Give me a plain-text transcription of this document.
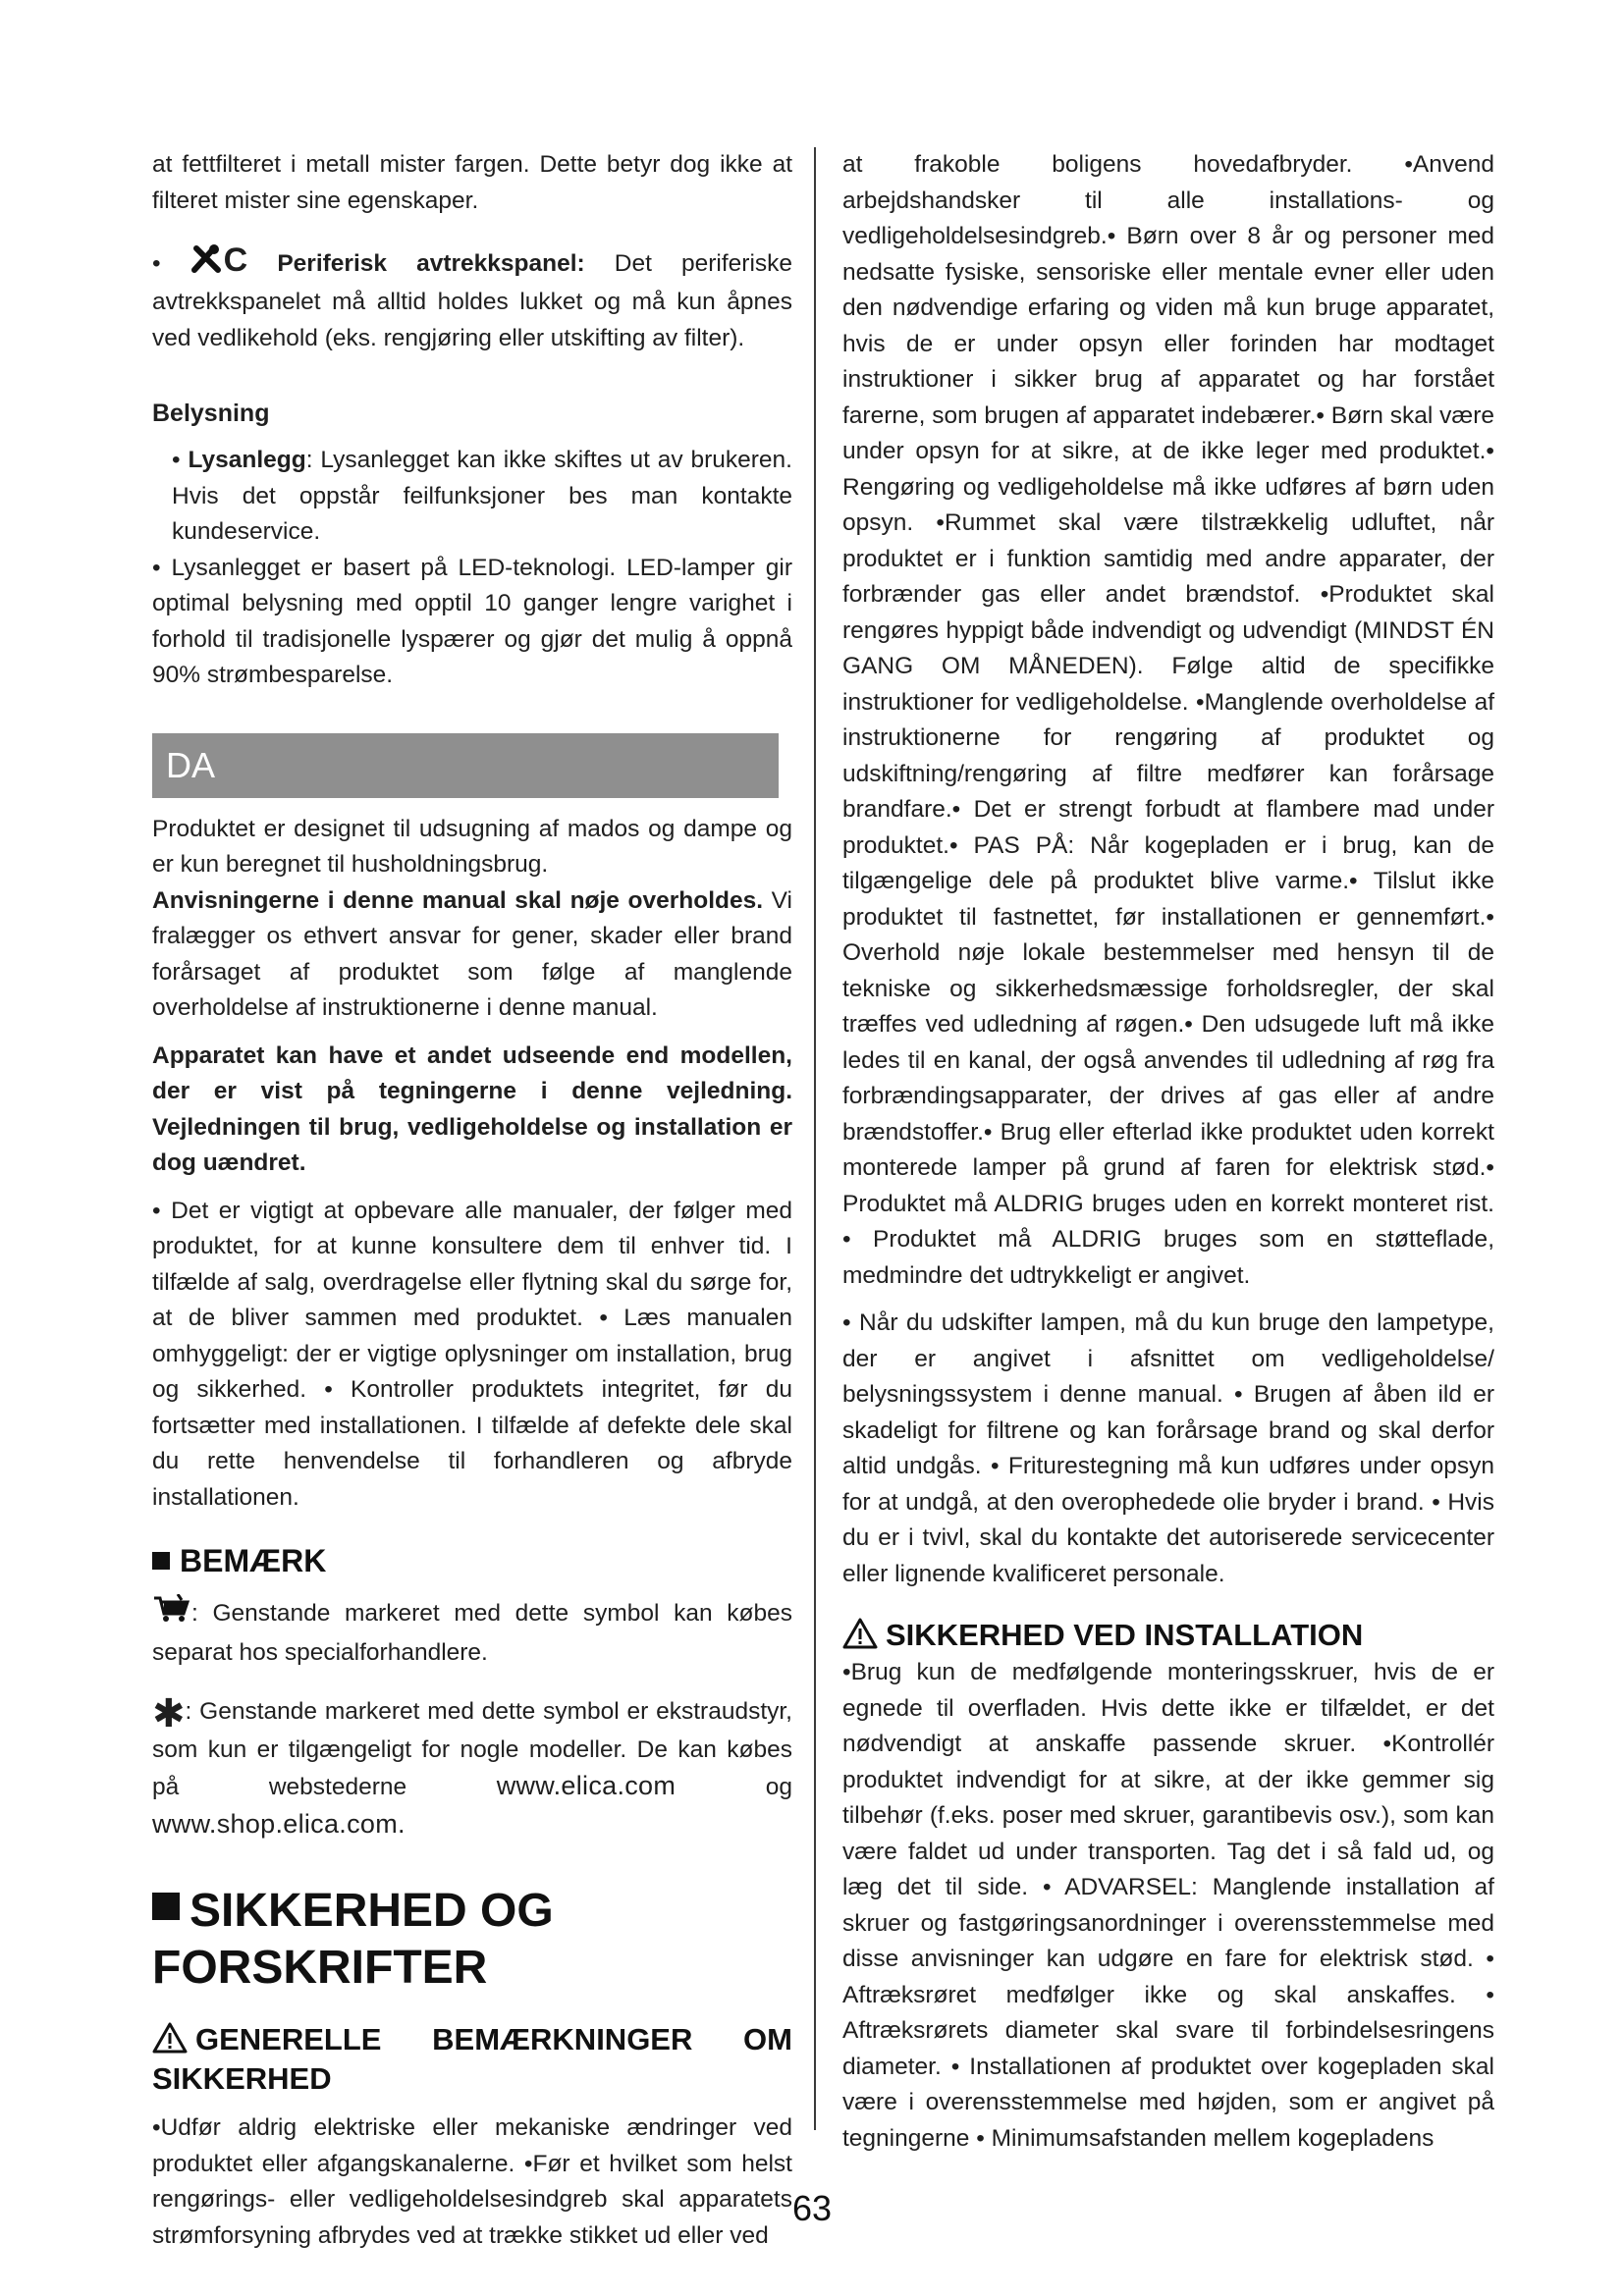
at fettfilteret i metall mister fargen. Dette betyr dog ikke at filteret mister sine egenskaper.

• C Periferisk avtrekkspanel: Det periferiske avtrekkspanelet må alltid holdes lukket og må kun åpnes ved vedlikehold (eks. rengjøring eller utskifting av filter).

Belysning

• Lysanlegg: Lysanlegget kan ikke skiftes ut av brukeren. Hvis det oppstår feilfunksjoner bes man kontakte kundeservice.

• Lysanlegget er basert på LED-teknologi. LED-lamper gir optimal belysning med opptil 10 ganger lengre varighet i forhold til tradisjonelle lyspærer og gjør det mulig å oppnå 90% strømbesparelse.

DA

Produktet er designet til udsugning af mados og dampe og er kun beregnet til husholdningsbrug.

Anvisningerne i denne manual skal nøje overholdes. Vi fralægger os ethvert ansvar for gener, skader eller brand forårsaget af produktet som følge af manglende overholdelse af instruktionerne i denne manual.

Apparatet kan have et andet udseende end modellen, der er vist på tegningerne i denne vejledning. Vejledningen til brug, vedligeholdelse og installation er dog uændret.

• Det er vigtigt at opbevare alle manualer, der følger med produktet, for at kunne konsultere dem til enhver tid. I tilfælde af salg, overdragelse eller flytning skal du sørge for, at de bliver sammen med produktet. • Læs manualen omhyggeligt: der er vigtige oplysninger om installation, brug og sikkerhed. • Kontroller produktets integritet, før du fortsætter med installationen. I tilfælde af defekte dele skal du rette henvendelse til forhandleren og afbryde installationen.

BEMÆRK

: Genstande markeret med dette symbol kan købes separat hos specialforhandlere.

✱: Genstande markeret med dette symbol er ekstraudstyr, som kun er tilgængeligt for nogle modeller. De kan købes på webstederne	www.elica.com	og www.shop.elica.com.

SIKKERHED OG
FORSKRIFTER

GENERELLE BEMÆRKNINGER OM SIKKERHED

•Udfør aldrig elektriske eller mekaniske ændringer ved produktet eller afgangskanalerne. •Før et hvilket som helst rengørings- eller vedligeholdelsesindgreb skal apparatets strømforsyning afbrydes ved at trække stikket ud eller ved

at frakoble boligens hovedafbryder. •Anvend arbejdshandsker til alle installations- og vedligeholdelsesindgreb.• Børn over 8 år og personer med nedsatte fysiske, sensoriske eller mentale evner eller uden den nødvendige erfaring og viden må kun bruge apparatet, hvis de er under opsyn eller forinden har modtaget instruktioner i sikker brug af apparatet og har forstået farerne, som brugen af apparatet indebærer.• Børn skal være under opsyn for at sikre, at de ikke leger med produktet.• Rengøring og vedligeholdelse må ikke udføres af børn uden opsyn. •Rummet skal være tilstrækkelig udluftet, når produktet er i funktion samtidig med andre apparater, der forbrænder gas eller andet brændstof. •Produktet skal rengøres hyppigt både indvendigt og udvendigt (MINDST ÉN GANG OM MÅNEDEN). Følge altid de specifikke instruktioner for vedligeholdelse. •Manglende overholdelse af instruktionerne for rengøring af produktet og udskiftning/rengøring af filtre medfører kan forårsage brandfare.• Det er strengt forbudt at flambere mad under produktet.• PAS PÅ: Når kogepladen er i brug, kan de tilgængelige dele på produktet blive varme.• Tilslut ikke produktet til fastnettet, før installationen er gennemført.• Overhold nøje lokale bestemmelser med hensyn til de tekniske og sikkerhedsmæssige forholdsregler, der skal træffes ved udledning af røgen.• Den udsugede luft må ikke ledes til en kanal, der også anvendes til udledning af røg fra forbrændingsapparater, der drives af gas eller af andre brændstoffer.• Brug eller efterlad ikke produktet uden korrekt monterede lamper på grund af faren for elektrisk stød.• Produktet må ALDRIG bruges uden en korrekt monteret rist. • Produktet må ALDRIG bruges som en støtteflade, medmindre det udtrykkeligt er angivet.

• Når du udskifter lampen, må du kun bruge den lampetype, der er angivet i afsnittet om vedligeholdelse/ belysningssystem i denne manual. • Brugen af åben ild er skadeligt for filtrene og kan forårsage brand og skal derfor altid undgås. • Friturestegning må kun udføres under opsyn for at undgå, at den overophedede olie bryder i brand. • Hvis du er i tvivl, skal du kontakte det autoriserede servicecenter eller lignende kvalificeret personale.

SIKKERHED VED INSTALLATION

•Brug kun de medfølgende monteringsskruer, hvis de er egnede til overfladen. Hvis dette ikke er tilfældet, er det nødvendigt at anskaffe passende skruer. •Kontrollér produktet indvendigt for at sikre, at der ikke gemmer sig tilbehør (f.eks. poser med skruer, garantibevis osv.), som kan være faldet ud under transporten. Tag det i så fald ud, og læg det til side. • ADVARSEL: Manglende installation af skruer og fastgøringsanordninger i overensstemmelse med disse anvisninger kan udgøre en fare for elektrisk stød. • Aftræksrøret medfølger ikke og skal anskaffes. • Aftræksrørets diameter skal svare til forbindelsesringens diameter. • Installationen af produktet over kogepladen skal være i overensstemmelse med højden, som er angivet på tegningerne • Minimumsafstanden mellem kogepladens

63
